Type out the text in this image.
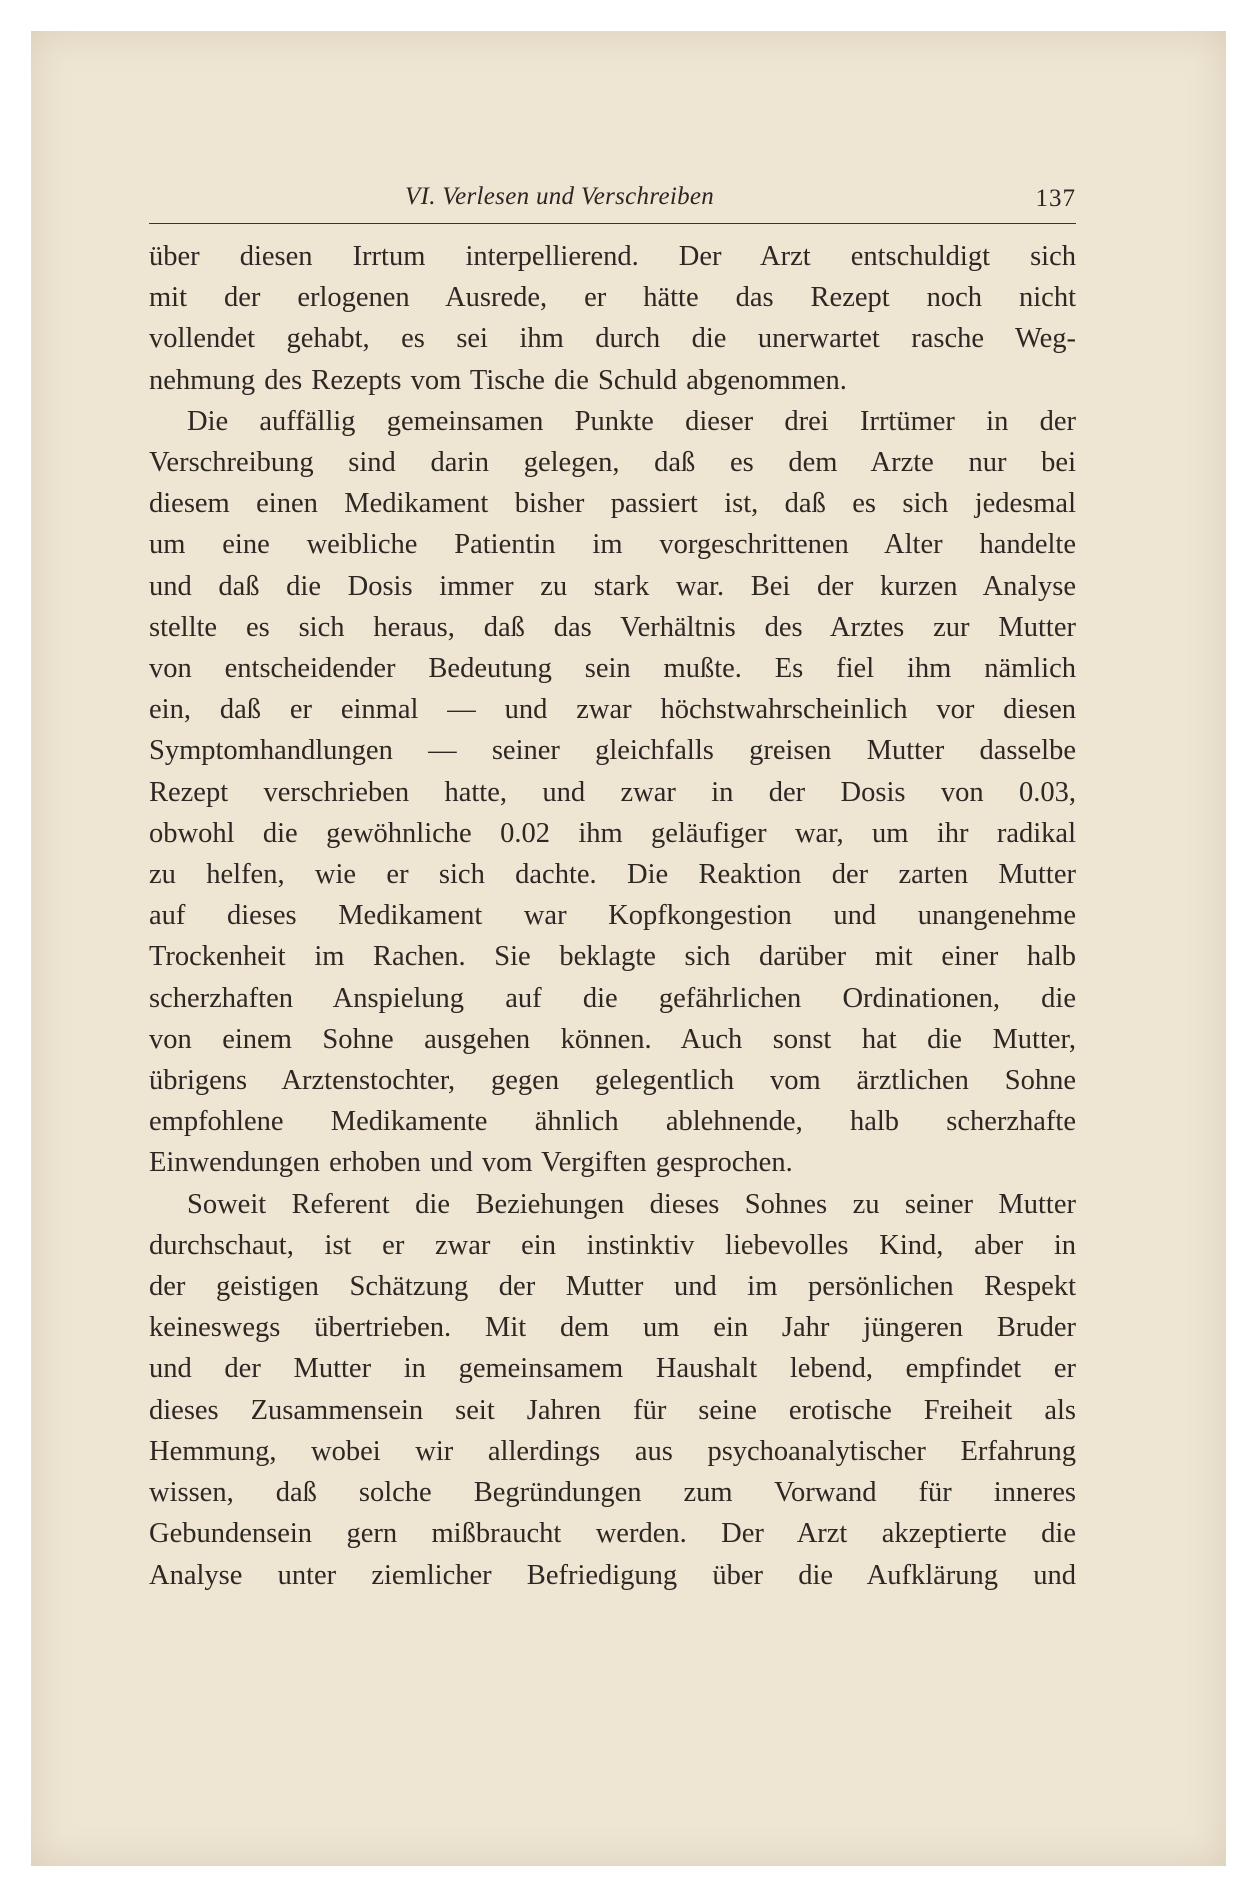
VI. Verlesen und Verschreiben	137

über diesen Irrtum interpellierend. Der Arzt entschuldigt sich

mit der erlogenen Ausrede, er hätte das Rezept noch nicht

vollendet gehabt, es sei ihm durch die unerwartet rasche Weg-

nehmung des Rezepts vom Tische die Schuld abgenommen.

Die auffällig gemeinsamen Punkte dieser drei Irrtümer in der

Verschreibung sind darin gelegen, daß es dem Arzte nur bei

diesem einen Medikament bisher passiert ist, daß es sich jedesmal

um eine weibliche Patientin im vorgeschrittenen Alter handelte

und daß die Dosis immer zu stark war. Bei der kurzen Analyse

stellte es sich heraus, daß das Verhältnis des Arztes zur Mutter

von entscheidender Bedeutung sein mußte. Es fiel ihm nämlich

ein, daß er einmal — und zwar höchstwahrscheinlich vor diesen

Symptomhandlungen — seiner gleichfalls greisen Mutter dasselbe

Rezept verschrieben hatte, und zwar in der Dosis von 0.03,

obwohl die gewöhnliche 0.02 ihm geläufiger war, um ihr radikal

zu helfen, wie er sich dachte. Die Reaktion der zarten Mutter

auf dieses Medikament war Kopfkongestion und unangenehme

Trockenheit im Rachen. Sie beklagte sich darüber mit einer halb

scherzhaften Anspielung auf die gefährlichen Ordinationen, die

von einem Sohne ausgehen können. Auch sonst hat die Mutter,

übrigens Arztenstochter, gegen gelegentlich vom ärztlichen Sohne

empfohlene Medikamente ähnlich ablehnende, halb scherzhafte

Einwendungen erhoben und vom Vergiften gesprochen.

Soweit Referent die Beziehungen dieses Sohnes zu seiner Mutter

durchschaut, ist er zwar ein instinktiv liebevolles Kind, aber in

der geistigen Schätzung der Mutter und im persönlichen Respekt

keineswegs übertrieben. Mit dem um ein Jahr jüngeren Bruder

und der Mutter in gemeinsamem Haushalt lebend, empfindet er

dieses Zusammensein seit Jahren für seine erotische Freiheit als

Hemmung, wobei wir allerdings aus psychoanalytischer Erfahrung

wissen, daß solche Begründungen zum Vorwand für inneres

Gebundensein gern mißbraucht werden. Der Arzt akzeptierte die

Analyse unter ziemlicher Befriedigung über die Aufklärung und
